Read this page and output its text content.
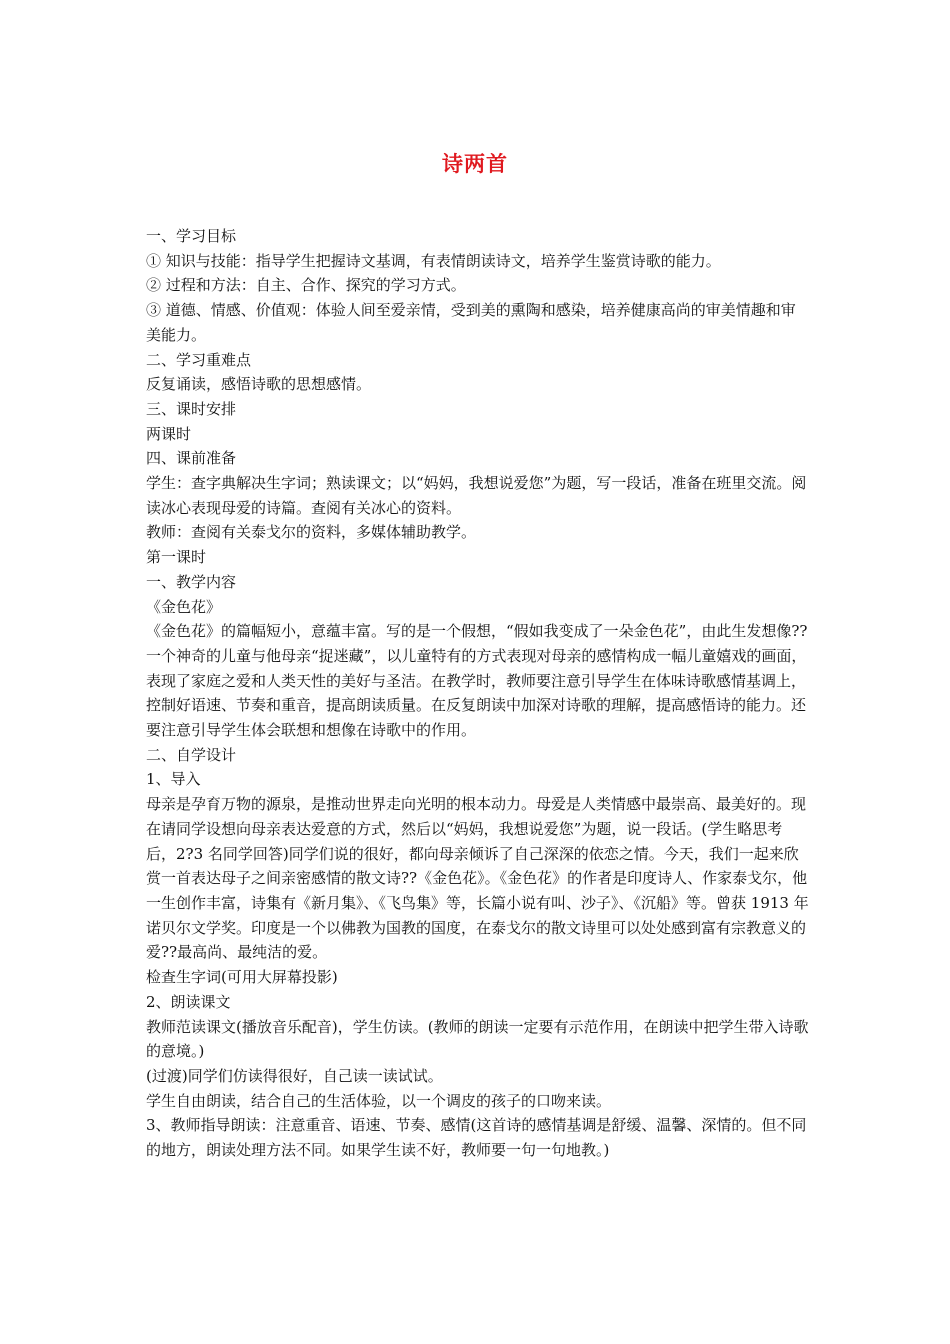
诗两首

一、学习目标

① 知识与技能：指导学生把握诗文基调，有表情朗读诗文，培养学生鉴赏诗歌的能力。

② 过程和方法：自主、合作、探究的学习方式。

③ 道德、情感、价值观：体验人间至爱亲情，受到美的熏陶和感染，培养健康高尚的审美情趣和审美能力。

二、学习重难点

反复诵读，感悟诗歌的思想感情。

三、课时安排

两课时

四、课前准备

学生：查字典解决生字词；熟读课文；以“妈妈，我想说爱您”为题，写一段话，准备在班里交流。阅读冰心表现母爱的诗篇。查阅有关冰心的资料。

教师：查阅有关泰戈尔的资料，多媒体辅助教学。

第一课时

一、教学内容

《金色花》

《金色花》的篇幅短小，意蕴丰富。写的是一个假想，“假如我变成了一朵金色花”，由此生发想像??一个神奇的儿童与他母亲“捉迷藏”，以儿童特有的方式表现对母亲的感情构成一幅儿童嬉戏的画面，表现了家庭之爱和人类天性的美好与圣洁。在教学时，教师要注意引导学生在体味诗歌感情基调上，控制好语速、节奏和重音，提高朗读质量。在反复朗读中加深对诗歌的理解，提高感悟诗的能力。还要注意引导学生体会联想和想像在诗歌中的作用。

二、自学设计

1、导入

母亲是孕育万物的源泉，是推动世界走向光明的根本动力。母爱是人类情感中最崇高、最美好的。现在请同学设想向母亲表达爱意的方式，然后以“妈妈，我想说爱您”为题，说一段话。(学生略思考后，2?3 名同学回答)同学们说的很好，都向母亲倾诉了自己深深的依恋之情。今天，我们一起来欣赏一首表达母子之间亲密感情的散文诗??《金色花》。《金色花》的作者是印度诗人、作家泰戈尔，他一生创作丰富，诗集有《新月集》、《飞鸟集》等，长篇小说有叫、沙子》、《沉船》等。曾获 1913 年诺贝尔文学奖。印度是一个以佛教为国教的国度，在泰戈尔的散文诗里可以处处感到富有宗教意义的爱??最高尚、最纯洁的爱。

检查生字词(可用大屏幕投影)

2、朗读课文

教师范读课文(播放音乐配音)，学生仿读。(教师的朗读一定要有示范作用，在朗读中把学生带入诗歌的意境。)

(过渡)同学们仿读得很好，自己读一读试试。

学生自由朗读，结合自己的生活体验，以一个调皮的孩子的口吻来读。

3、教师指导朗读：注意重音、语速、节奏、感情(这首诗的感情基调是舒缓、温馨、深情的。但不同的地方，朗读处理方法不同。如果学生读不好，教师要一句一句地教。)
